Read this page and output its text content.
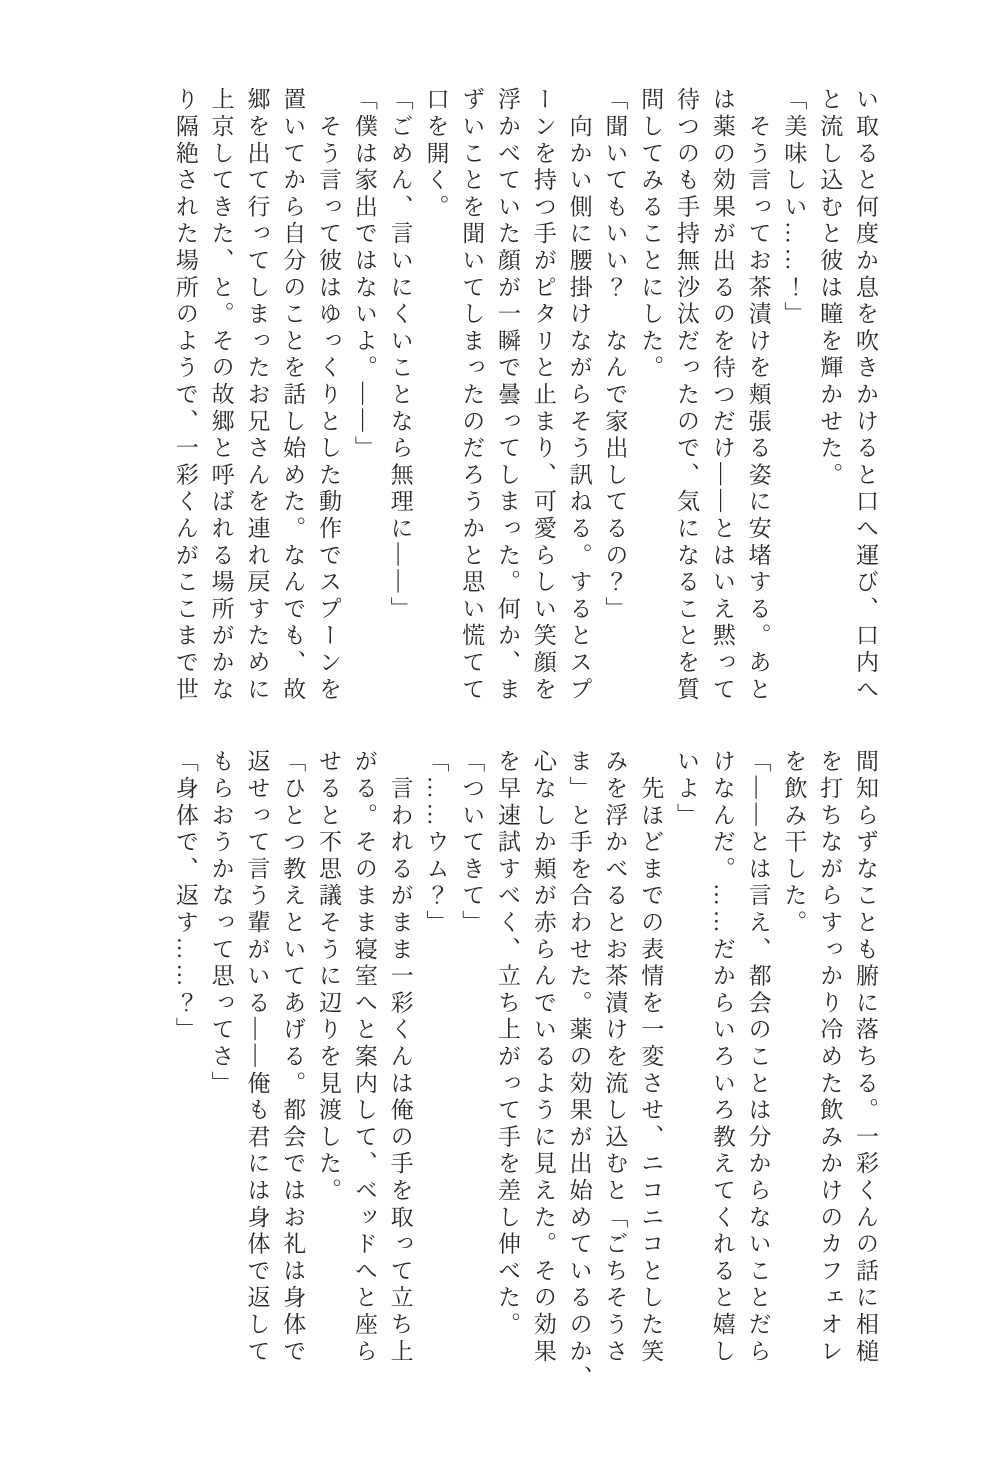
い取ると何度か息を吹きかけると口へ運び、口内へ
と流し込むと彼は瞳を輝かせた。
「美味しい……！」
　そう言ってお茶漬けを頬張る姿に安堵する。あと
は薬の効果が出るのを待つだけ——とはいえ黙って
待つのも手持無沙汰だったので、気になることを質
問してみることにした。
「聞いてもいい？　なんで家出してるの？」
　向かい側に腰掛けながらそう訊ねる。するとスプ
ーンを持つ手がピタリと止まり、可愛らしい笑顔を
浮かべていた顔が一瞬で曇ってしまった。何か、ま
ずいことを聞いてしまったのだろうかと思い慌てて
口を開く。
「ごめん、言いにくいことなら無理に——」
「僕は家出ではないよ。——」
　そう言って彼はゆっくりとした動作でスプーンを
置いてから自分のことを話し始めた。なんでも、故
郷を出て行ってしまったお兄さんを連れ戻すために
上京してきた、と。その故郷と呼ばれる場所がかな
り隔絶された場所のようで、一彩くんがここまで世
間知らずなことも腑に落ちる。一彩くんの話に相槌
を打ちながらすっかり冷めた飲みかけのカフェオレ
を飲み干した。
「——とは言え、都会のことは分からないことだら
けなんだ。……だからいろいろ教えてくれると嬉し
いよ」
　先ほどまでの表情を一変させ、ニコニコとした笑
みを浮かべるとお茶漬けを流し込むと「ごちそうさ
ま」と手を合わせた。薬の効果が出始めているのか、
心なしか頬が赤らんでいるように見えた。その効果
を早速試すべく、立ち上がって手を差し伸べた。
「ついてきて」
「……ウム？」
　言われるがまま一彩くんは俺の手を取って立ち上
がる。そのまま寝室へと案内して、ベッドへと座ら
せると不思議そうに辺りを見渡した。
「ひとつ教えといてあげる。都会ではお礼は身体で
返せって言う輩がいる——俺も君には身体で返して
もらおうかなって思ってさ」
「身体で、返す……？」
